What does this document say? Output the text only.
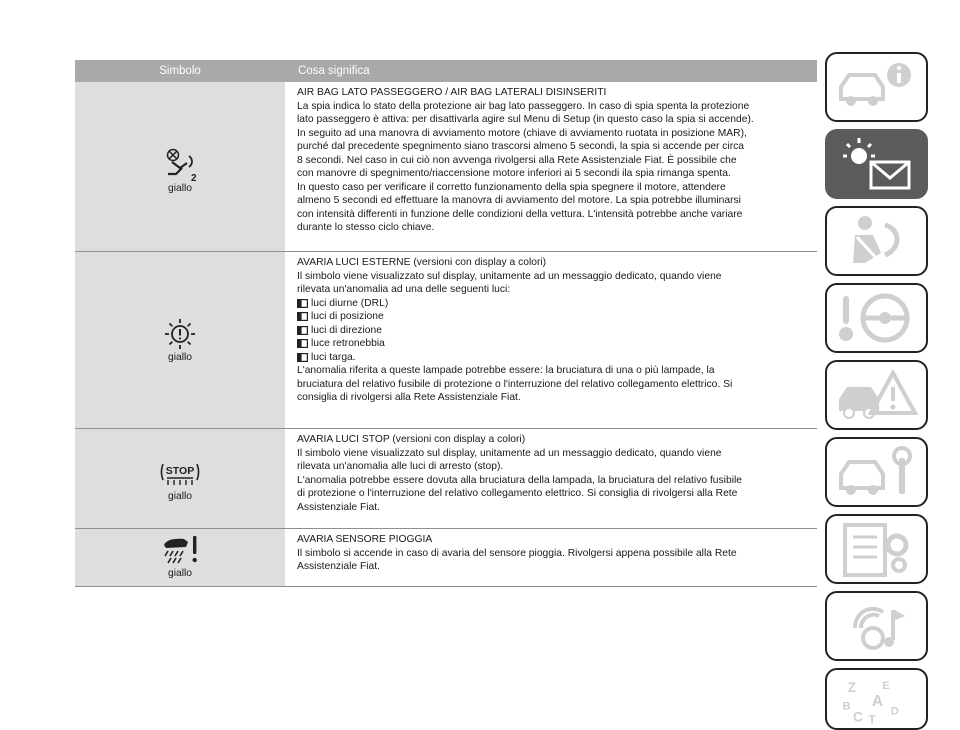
Simbolo	Cosa significa
2
giallo

AIR BAG LATO PASSEGGERO / AIR BAG LATERALI DISINSERITI

La spia indica lo stato della protezione air bag lato passeggero. In caso di spia spenta la protezione

lato passeggero è attiva: per disattivarla agire sul Menu di Setup (in questo caso la spia si accende).

In seguito ad una manovra di avviamento motore (chiave di avviamento ruotata in posizione MAR),

purché dal precedente spegnimento siano trascorsi almeno 5 secondi, la spia si accende per circa

8 secondi. Nel caso in cui ciò non avvenga rivolgersi alla Rete Assistenziale Fiat. È possibile che

con manovre di spegnimento/riaccensione motore inferiori ai 5 secondi ila spia rimanga spenta.

In questo caso per verificare il corretto funzionamento della spia spegnere il motore, attendere

almeno 5 secondi ed effettuare la manovra di avviamento del motore. La spia potrebbe illuminarsi

con intensità differenti in funzione delle condizioni della vettura. L'intensità potrebbe anche variare

durante lo stesso ciclo chiave.

giallo

AVARIA LUCI ESTERNE (versioni con display a colori)

Il simbolo viene visualizzato sul display, unitamente ad un messaggio dedicato, quando viene

rilevata un'anomalia ad una delle seguenti luci:

luci diurne (DRL)

luci di posizione

luci di direzione

luce retronebbia

luci targa.

L'anomalia riferita a queste lampade potrebbe essere: la bruciatura di una o più lampade, la

bruciatura del relativo fusibile di protezione o l'interruzione del relativo collegamento elettrico. Si

consiglia di rivolgersi alla Rete Assistenziale Fiat.

STOP
giallo

AVARIA LUCI STOP (versioni con display a colori)

Il simbolo viene visualizzato sul display, unitamente ad un messaggio dedicato, quando viene

rilevata un'anomalia alle luci di arresto (stop).

L'anomalia potrebbe essere dovuta alla bruciatura della lampada, la bruciatura del relativo fusibile

di protezione o l'interruzione del relativo collegamento elettrico. Si consiglia di rivolgersi alla Rete

Assistenziale Fiat.

giallo

AVARIA SENSORE PIOGGIA

Il simbolo si accende in caso di avaria del sensore pioggia. Rivolgersi appena possibile alla Rete

Assistenziale Fiat.

Z E
B A
C T
D
